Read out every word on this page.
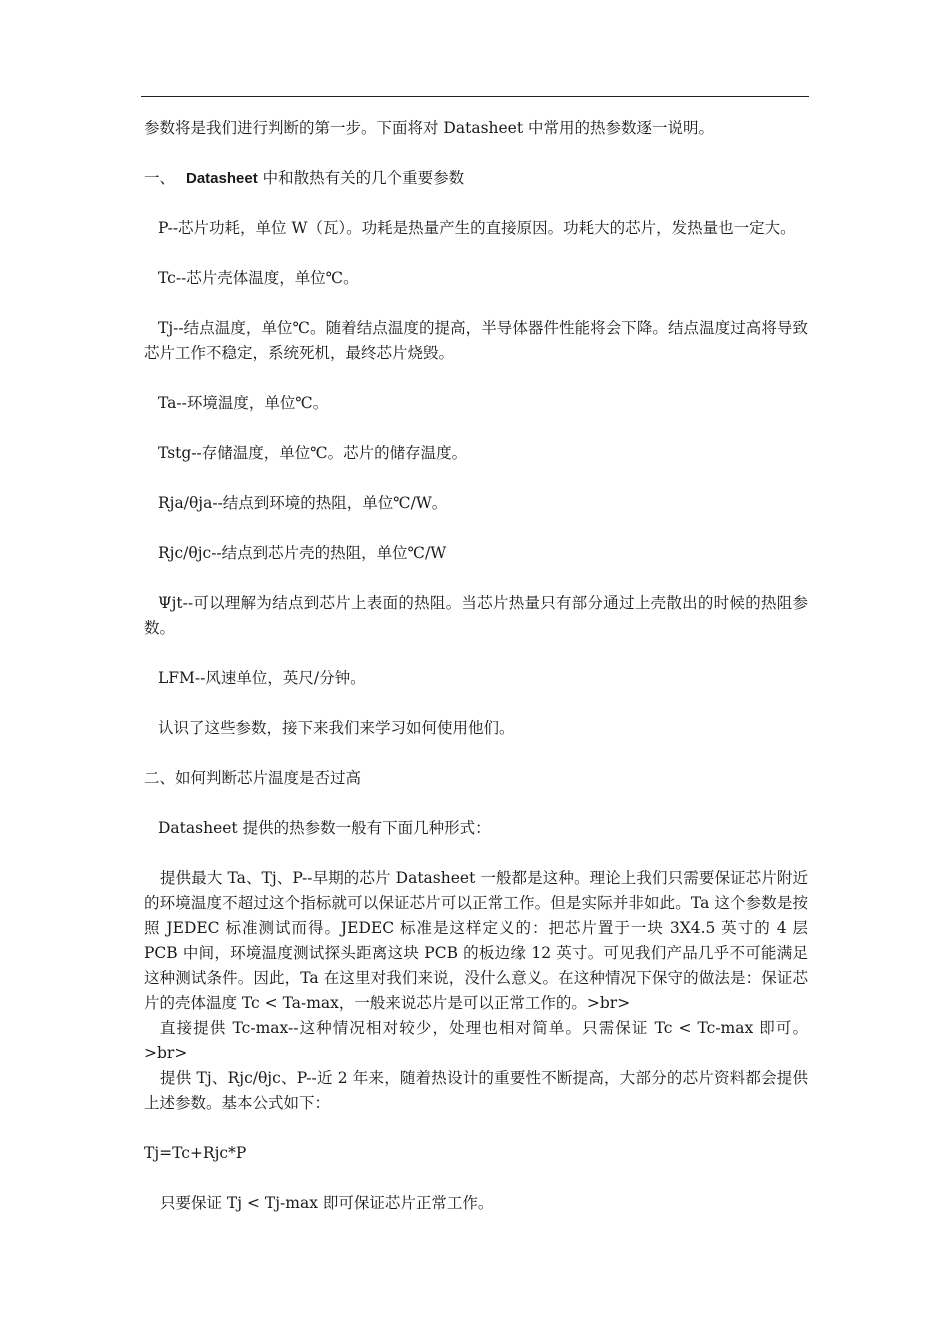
参数将是我们进行判断的第一步。下面将对 Datasheet 中常用的热参数逐一说明。

一、 Datasheet 中和散热有关的几个重要参数

P--芯片功耗，单位 W（瓦）。功耗是热量产生的直接原因。功耗大的芯片，发热量也一定大。

Tc--芯片壳体温度，单位℃。

Tj--结点温度，单位℃。随着结点温度的提高，半导体器件性能将会下降。结点温度过高将导致芯片工作不稳定，系统死机，最终芯片烧毁。

Ta--环境温度，单位℃。

Tstg--存储温度，单位℃。芯片的储存温度。

Rja/θja--结点到环境的热阻，单位℃/W。

Rjc/θjc--结点到芯片壳的热阻，单位℃/W

Ψjt--可以理解为结点到芯片上表面的热阻。当芯片热量只有部分通过上壳散出的时候的热阻参数。

LFM--风速单位，英尺/分钟。

认识了这些参数，接下来我们来学习如何使用他们。

二、如何判断芯片温度是否过高

Datasheet 提供的热参数一般有下面几种形式：

提供最大 Ta、Tj、P--早期的芯片 Datasheet 一般都是这种。理论上我们只需要保证芯片附近的环境温度不超过这个指标就可以保证芯片可以正常工作。但是实际并非如此。Ta 这个参数是按照 JEDEC 标准测试而得。JEDEC 标准是这样定义的：把芯片置于一块 3X4.5 英寸的 4 层 PCB 中间，环境温度测试探头距离这块 PCB 的板边缘 12 英寸。可见我们产品几乎不可能满足这种测试条件。因此，Ta 在这里对我们来说，没什么意义。在这种情况下保守的做法是：保证芯片的壳体温度 Tc < Ta-max，一般来说芯片是可以正常工作的。>br>

直接提供 Tc-max--这种情况相对较少，处理也相对简单。只需保证 Tc < Tc-max 即可。>br>

提供 Tj、Rjc/θjc、P--近 2 年来，随着热设计的重要性不断提高，大部分的芯片资料都会提供上述参数。基本公式如下：

Tj=Tc+Rjc*P

只要保证 Tj < Tj-max 即可保证芯片正常工作。
